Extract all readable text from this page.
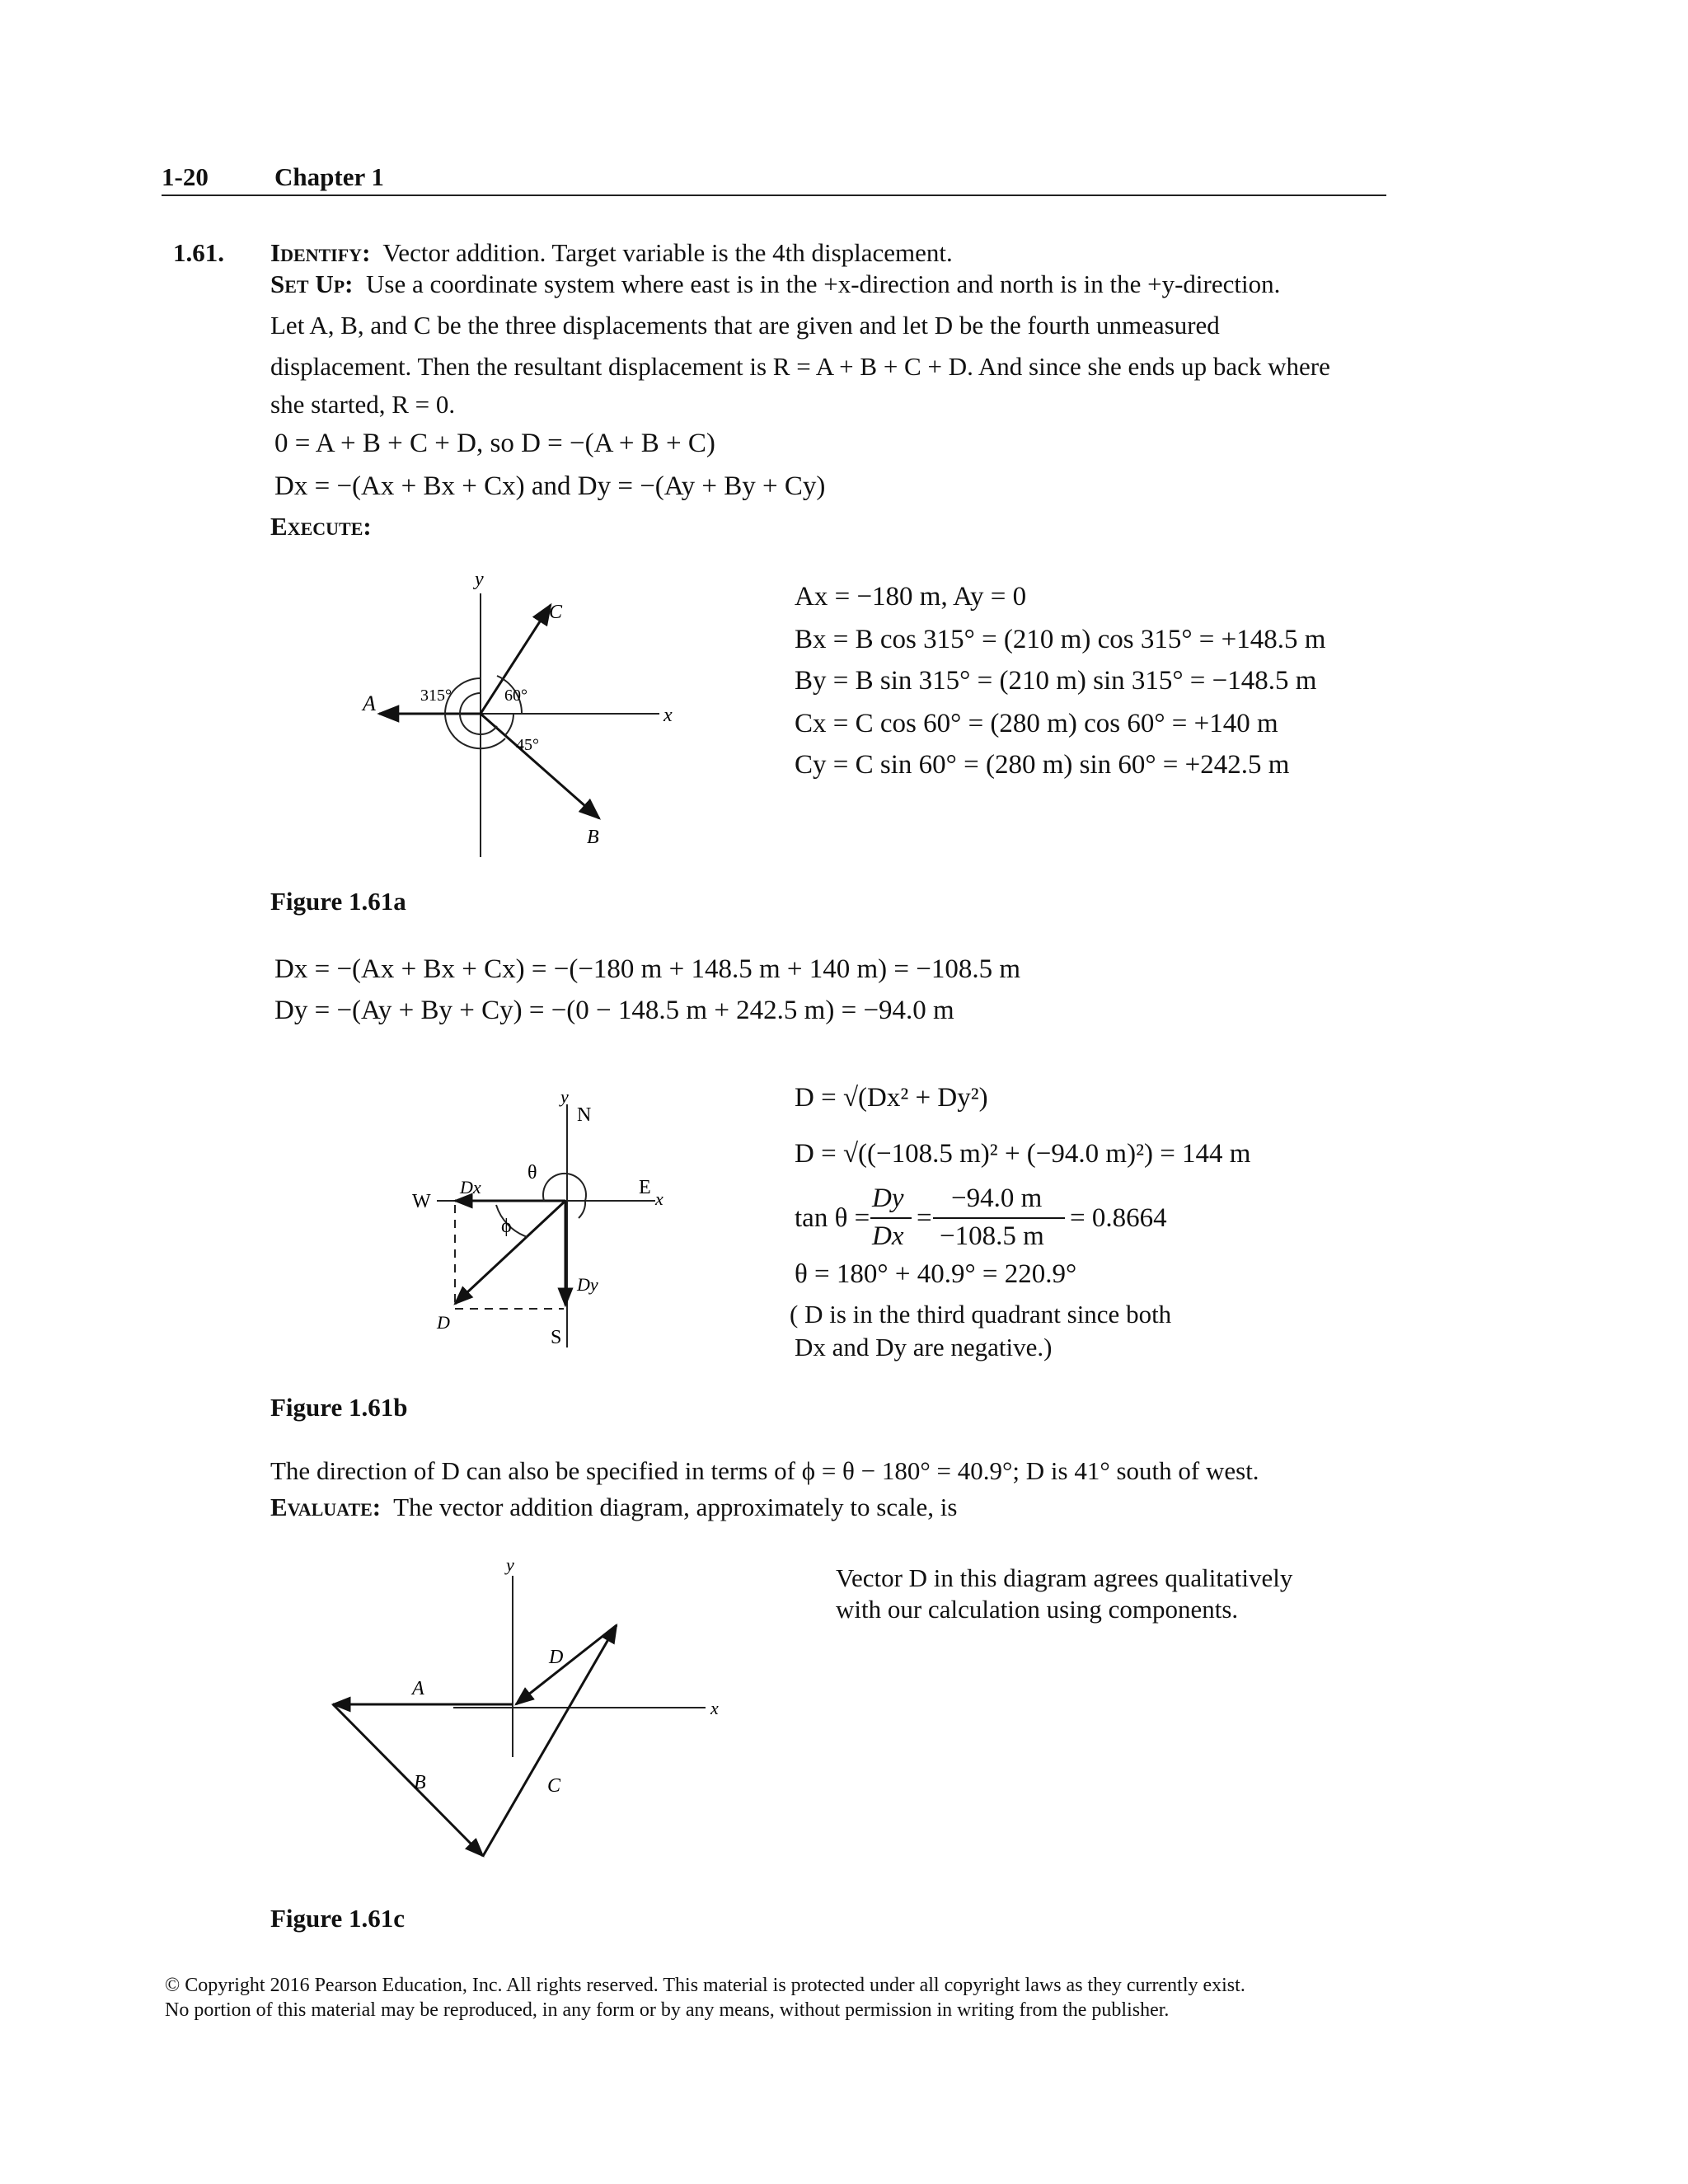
1-20	Chapter 1
1.61. Identify: Vector addition. Target variable is the 4th displacement.
Set Up: Use a coordinate system where east is in the +x-direction and north is in the +y-direction.
Let A, B, and C be the three displacements that are given and let D be the fourth unmeasured
displacement. Then the resultant displacement is R = A + B + C + D. And since she ends up back where
she started, R = 0.
0 = A + B + C + D, so D = −(A + B + C)
Dx = −(Ax + Bx + Cx) and Dy = −(Ay + By + Cy)
Execute:
y
x
A
C
B
315°	60°
45°
Ax = −180 m, Ay = 0
Bx = B cos 315° = (210 m) cos 315° = +148.5 m
By = B sin 315° = (210 m) sin 315° = −148.5 m
Cx = C cos 60° = (280 m) cos 60° = +140 m
Cy = C sin 60° = (280 m) sin 60° = +242.5 m
Figure 1.61a
Dx = −(Ax + Bx + Cx) = −(−180 m + 148.5 m + 140 m) = −108.5 m
Dy = −(Ay + By + Cy) = −(0 − 148.5 m + 242.5 m) = −94.0 m
y
N
E
x
W
S
Dx
Dy
D
θ
ϕ
D = √(Dx² + Dy²)
D = √((−108.5 m)² + (−94.0 m)²) = 144 m
tan θ =
Dy
Dx
=
−94.0 m
−108.5 m
= 0.8664
θ = 180° + 40.9° = 220.9°
( D is in the third quadrant since both
Dx and Dy are negative.)
Figure 1.61b
The direction of D can also be specified in terms of ϕ = θ − 180° = 40.9°; D is 41° south of west.
Evaluate: The vector addition diagram, approximately to scale, is
y
x
A
B	C
D
Vector D in this diagram agrees qualitatively
with our calculation using components.
Figure 1.61c
© Copyright 2016 Pearson Education, Inc. All rights reserved. This material is protected under all copyright laws as they currently exist.
No portion of this material may be reproduced, in any form or by any means, without permission in writing from the publisher.
